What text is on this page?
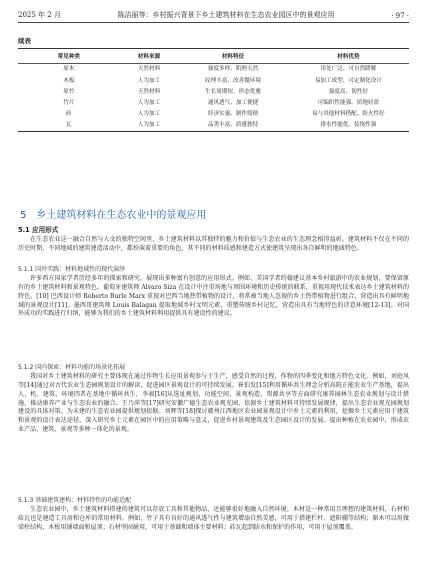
2025 年 2 月	陈洁丽等：乡村振兴背景下乡土建筑材料在生态农业园区中的景观应用	· 97 ·
续表
常见种类	材料来源	材料特征	材料优势
原木	天然材料	强度多样、肌理天然	用处广泛、可自然降解
木板	人为加工	纹理丰富、改善微环境	易加工成型、可定制化设计
原竹	天然材料	生长周期短、形态优雅	强度高、韧性好
竹片	人为加工	通风透气、加工便捷	可编织性能强、质地轻盈
砖	人为加工	经济实惠、制作简便	易与其他材料搭配、防火性好
瓦	人为加工	品类丰富、质感独特	排水性能优、装饰性强
5　乡土建筑材料在生态农业中的景观应用
5.1 应用形式
在生态农业这一融合自然与人文的独特空间里，乡土建筑材料以其独特的魅力和价值与生态农业的生态理念相得益彰。建筑材料不仅在不同的历史时期、不同地域的建筑建造活动中，都扮演着重要的角色，其不同的材料质感和建造方式使建筑呈现出各自鲜明的地域特色。
5.1.1 国外实践：材料地域性的现代演绎
许多西方国家学者历经多年的探索和研究，展现出多种富有创意的应用形式。例如，美国学者约翰建议基本乡村旅游中的农业规划，要保留原有的乡土建筑材料和景观特色。葡萄牙建筑师 Alvaro Siza 在设计中注重场地与周围环境和历史传统的联系，重视用现代技术表达乡土建筑材料的特色。[10] 巴西设计师 Roberto Burle Marx 重视对巴西当地热带植物的设计，将常被当地人忽视的乡土热带植物进行组合，营造出具有鲜明地域的景观设计[11]。墨西哥建筑师 Louis Balagan 提取地域乡村文明元素，重塑传统乡村记忆，营造出具有当地特色的诗意环境[12-13]。对国外成功的实践进行归纳，能够为我们的乡土建筑材料利用提供具有建设性的建议。
5.1.2 国内探索：材料功能的场景化拓展
我国对乡土建筑材料的研究主要体现在通过作物生长应用景观参与于生产，感受自然的过程，作物的四季变化和地方特色文化。例如，刘庭风等[14]通过对古代农业生态园规划设计的解读，促进园区景观设计的可持续发展。崔伯发[15]利用循环共生理念分析高院正能农业生产基地，提出人、机、建筑、环境四者在基地中循环共生，李昶[16]从选址规划、功能空间、景观构造、资源共享等方面研究康养园林生态农业规划与设计措施，推动康养产业与生态农业的融合。王乃萍等[17]研究安徽广德生态农业观光园，依据乡土建筑材料可持续发展规律，提出生态农业观光园规划建设的具体对策。为未建的生态农业园提供规划依据。刘辉等[18]探讨赣州江西地区农业园景观设计中乡土元素的利用，挖掘乡土元素应用于建筑和景观的设计表达途径，深入研究乡土元素在园区中的应用策略与意义，促进乡村景观建筑及生态园区设计的发展。提出种植在农业园中，形成农业产品、建筑、景观等多种一体化的景观。
5.1.3 基础建筑建构：材料特性的功能适配
生态农业园中，乡土建筑材料搭建的建筑可以存放工具和其他物品，还能够很好地融入自然环境。木材是一种常用且理想的建筑材料，石材和砖瓦也是建造工具房和仓库的常用材料。例如，竹子具有良好的通风透气性与建筑增添自然美感，可用于搭建栏杆、遮阳棚等结构；原木可以用做梁柱结构，木板用铺墙面和屋顶；石材坚固耐用，可用于基础和墙体主要材料；砖瓦起到防水和保护的作用，可用于屋顶覆盖。
